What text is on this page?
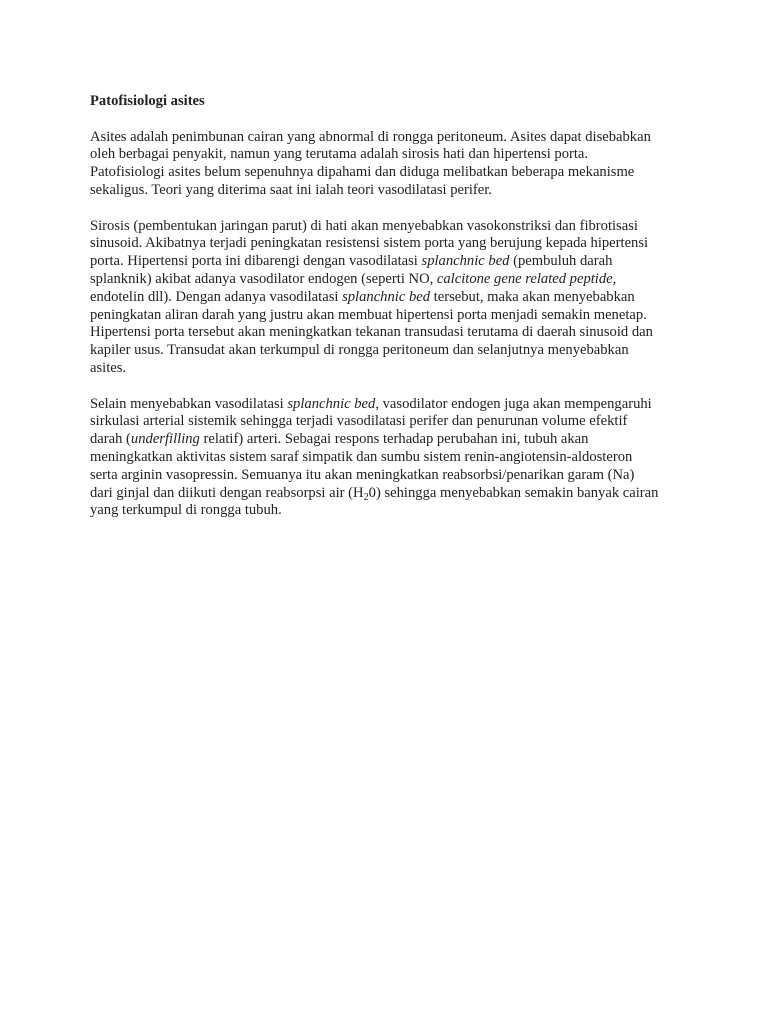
Patofisiologi asites
Asites adalah penimbunan cairan yang abnormal di rongga peritoneum. Asites dapat disebabkan
oleh berbagai penyakit, namun yang terutama adalah sirosis hati dan hipertensi porta.
Patofisiologi asites belum sepenuhnya dipahami dan diduga melibatkan beberapa mekanisme
sekaligus. Teori yang diterima saat ini ialah teori vasodilatasi perifer.
Sirosis (pembentukan jaringan parut) di hati akan menyebabkan vasokonstriksi dan fibrotisasi
sinusoid. Akibatnya terjadi peningkatan resistensi sistem porta yang berujung kepada hipertensi
porta. Hipertensi porta ini dibarengi dengan vasodilatasi splanchnic bed (pembuluh darah
splanknik) akibat adanya vasodilator endogen (seperti NO, calcitone gene related peptide,
endotelin dll). Dengan adanya vasodilatasi splanchnic bed tersebut, maka akan menyebabkan
peningkatan aliran darah yang justru akan membuat hipertensi porta menjadi semakin menetap.
Hipertensi porta tersebut akan meningkatkan tekanan transudasi terutama di daerah sinusoid dan
kapiler usus. Transudat akan terkumpul di rongga peritoneum dan selanjutnya menyebabkan
asites.
Selain menyebabkan vasodilatasi splanchnic bed, vasodilator endogen juga akan mempengaruhi
sirkulasi arterial sistemik sehingga terjadi vasodilatasi perifer dan penurunan volume efektif
darah (underfilling relatif) arteri. Sebagai respons terhadap perubahan ini, tubuh akan
meningkatkan aktivitas sistem saraf simpatik dan sumbu sistem renin-angiotensin-aldosteron
serta arginin vasopressin. Semuanya itu akan meningkatkan reabsorbsi/penarikan garam (Na)
dari ginjal dan diikuti dengan reabsorpsi air $(H_20)$ sehingga menyebabkan semakin banyak cairan
yang terkumpul di rongga tubuh.
